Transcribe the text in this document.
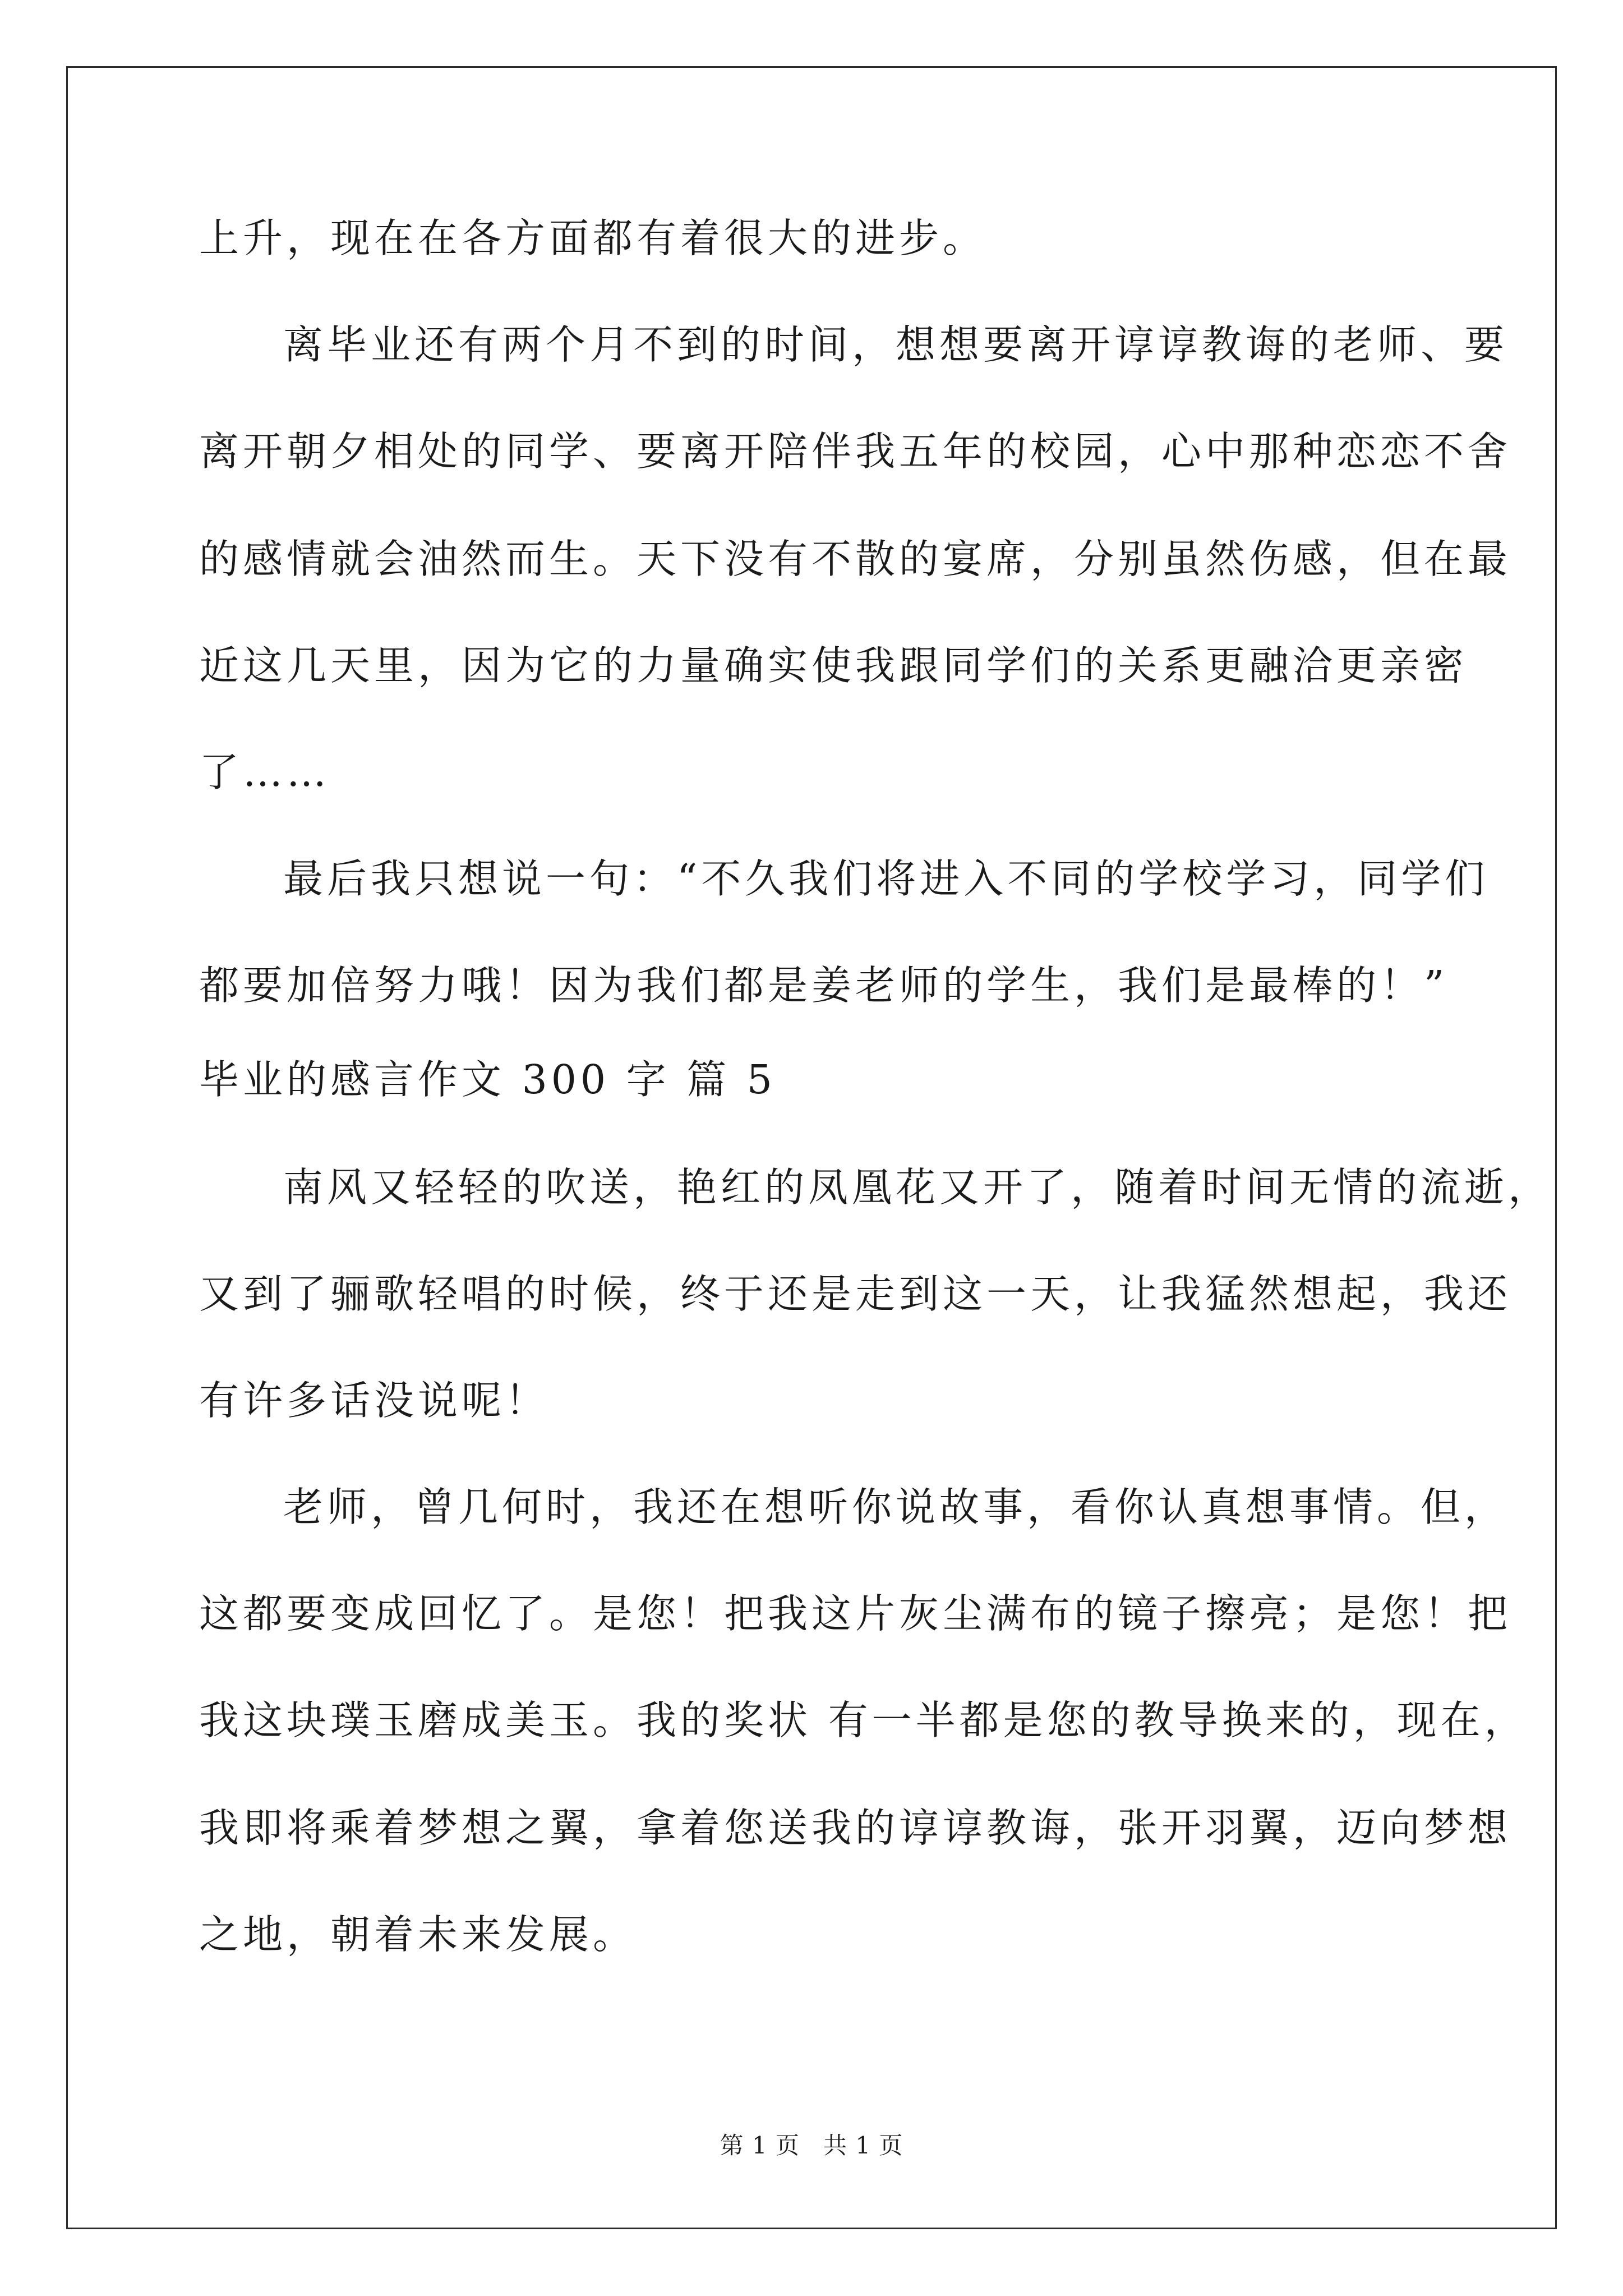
上升，现在在各方面都有着很大的进步。
离毕业还有两个月不到的时间，想想要离开谆谆教诲的老师、要
离开朝夕相处的同学、要离开陪伴我五年的校园，心中那种恋恋不舍
的感情就会油然而生。天下没有不散的宴席，分别虽然伤感，但在最
近这几天里，因为它的力量确实使我跟同学们的关系更融洽更亲密
了……
最后我只想说一句：“不久我们将进入不同的学校学习，同学们
都要加倍努力哦！因为我们都是姜老师的学生，我们是最棒的！”
毕业的感言作文 300 字 篇 5
南风又轻轻的吹送，艳红的凤凰花又开了，随着时间无情的流逝，
又到了骊歌轻唱的时候，终于还是走到这一天，让我猛然想起，我还
有许多话没说呢！
老师，曾几何时，我还在想听你说故事，看你认真想事情。但，
这都要变成回忆了。是您！把我这片灰尘满布的镜子擦亮；是您！把
我这块璞玉磨成美玉。我的奖状 有一半都是您的教导换来的，现在，
我即将乘着梦想之翼，拿着您送我的谆谆教诲，张开羽翼，迈向梦想
之地，朝着未来发展。
第 1 页 共 1 页
